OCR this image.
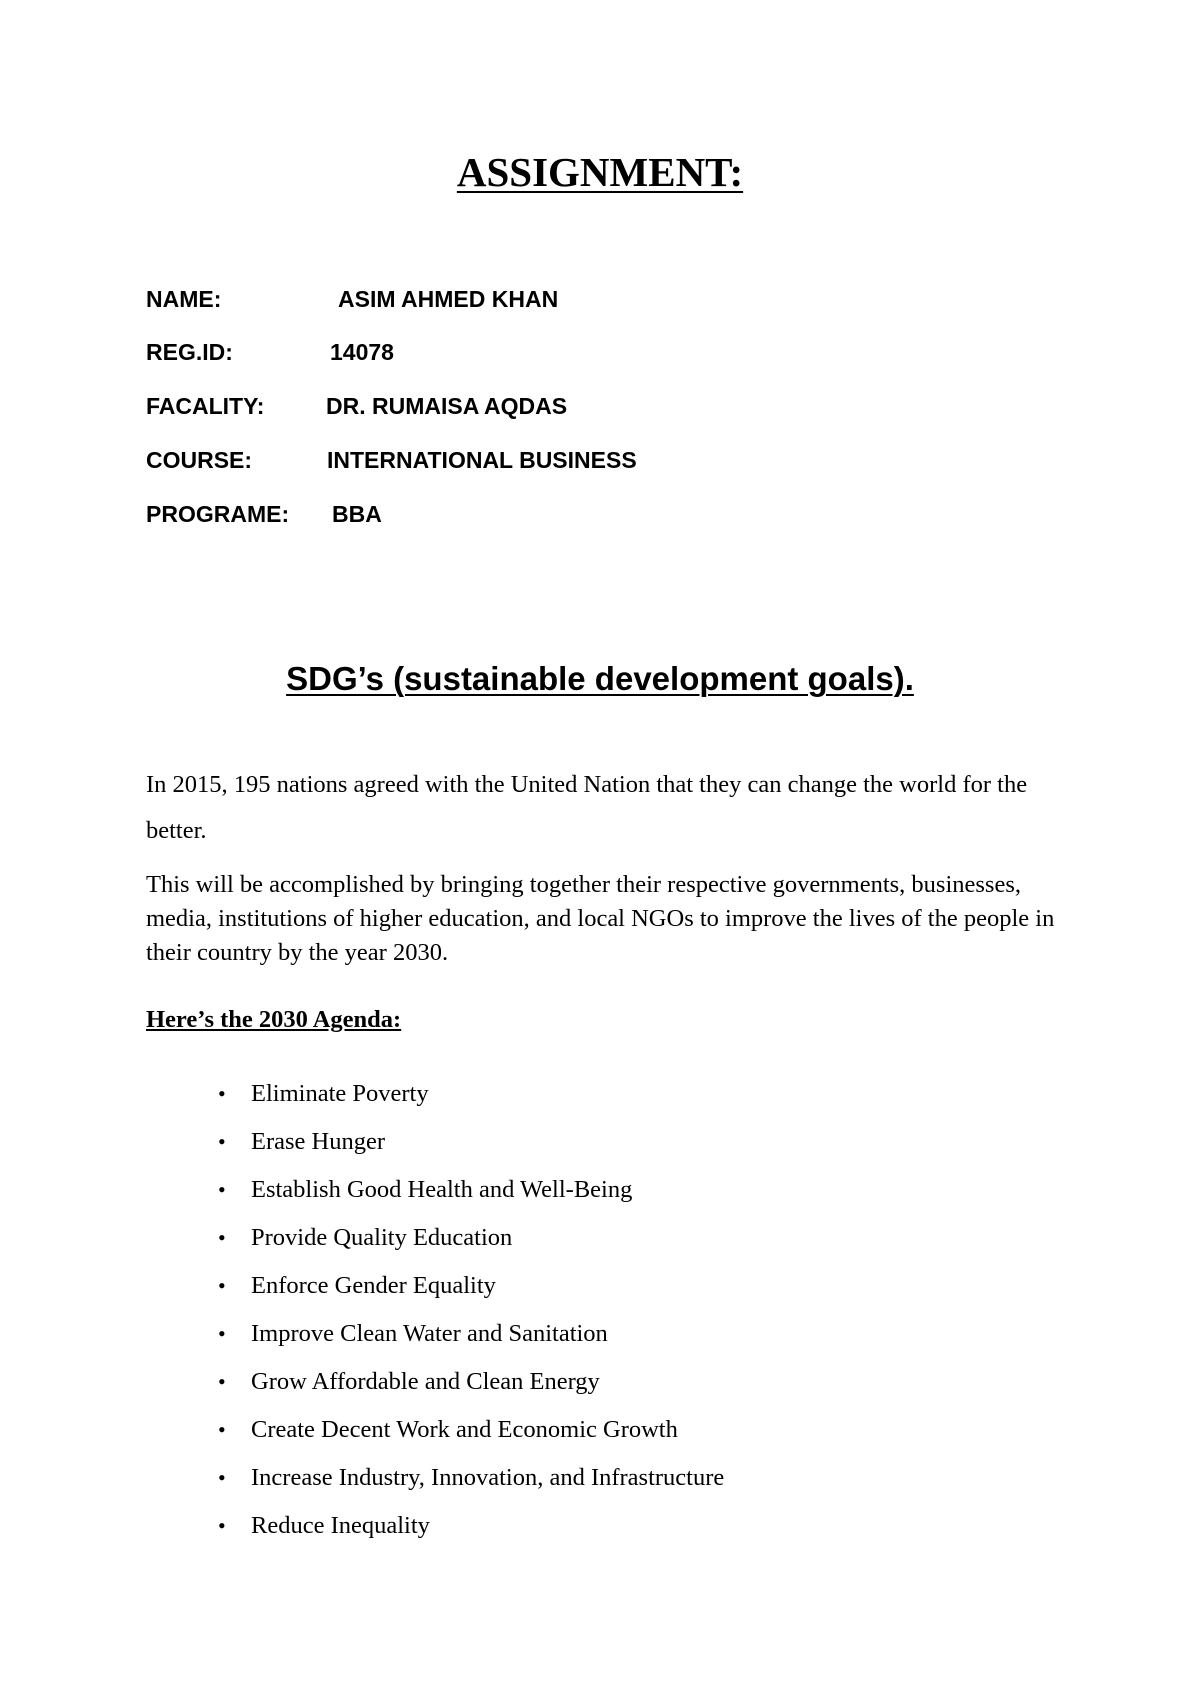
ASSIGNMENT:
NAME:	ASIM AHMED KHAN
REG.ID:	14078
FACALITY:	DR. RUMAISA AQDAS
COURSE:	INTERNATIONAL BUSINESS
PROGRAME: BBA
SDG’s (sustainable development goals).

In 2015, 195 nations agreed with the United Nation that they can change the world for the better.

This will be accomplished by bringing together their respective governments, businesses, media, institutions of higher education, and local NGOs to improve the lives of the people in their country by the year 2030.

Here’s the 2030 Agenda:
• Eliminate Poverty
• Erase Hunger
• Establish Good Health and Well-Being
• Provide Quality Education
• Enforce Gender Equality
• Improve Clean Water and Sanitation
• Grow Affordable and Clean Energy
• Create Decent Work and Economic Growth
• Increase Industry, Innovation, and Infrastructure
• Reduce Inequality
